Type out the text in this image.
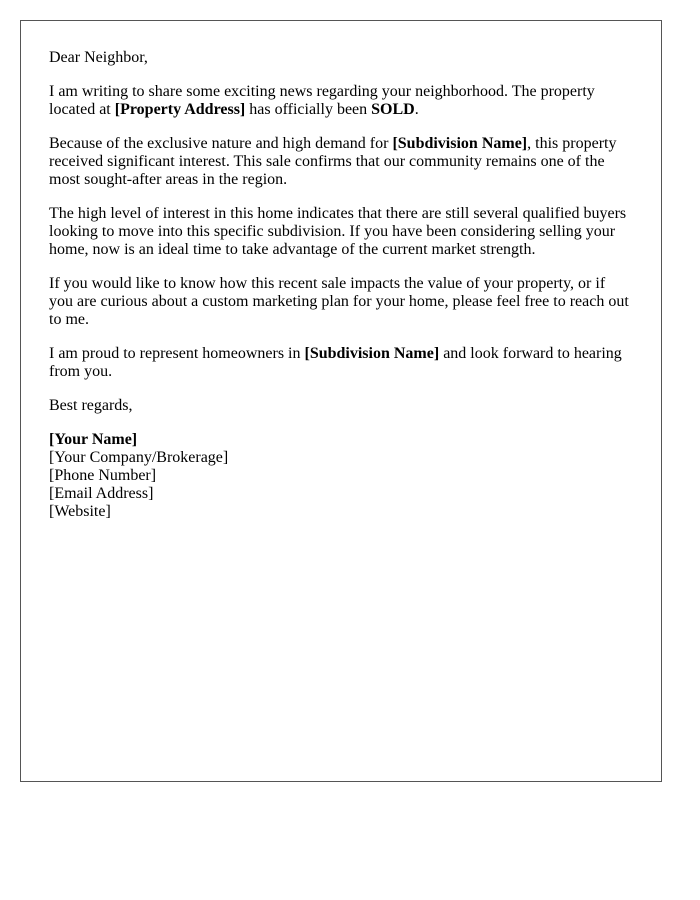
Dear Neighbor,

I am writing to share some exciting news regarding your neighborhood. The property located at [Property Address] has officially been SOLD.

Because of the exclusive nature and high demand for [Subdivision Name], this property received significant interest. This sale confirms that our community remains one of the most sought-after areas in the region.

The high level of interest in this home indicates that there are still several qualified buyers looking to move into this specific subdivision. If you have been considering selling your home, now is an ideal time to take advantage of the current market strength.

If you would like to know how this recent sale impacts the value of your property, or if you are curious about a custom marketing plan for your home, please feel free to reach out to me.

I am proud to represent homeowners in [Subdivision Name] and look forward to hearing from you.

Best regards,

[Your Name]
[Your Company/Brokerage]
[Phone Number]
[Email Address]
[Website]
